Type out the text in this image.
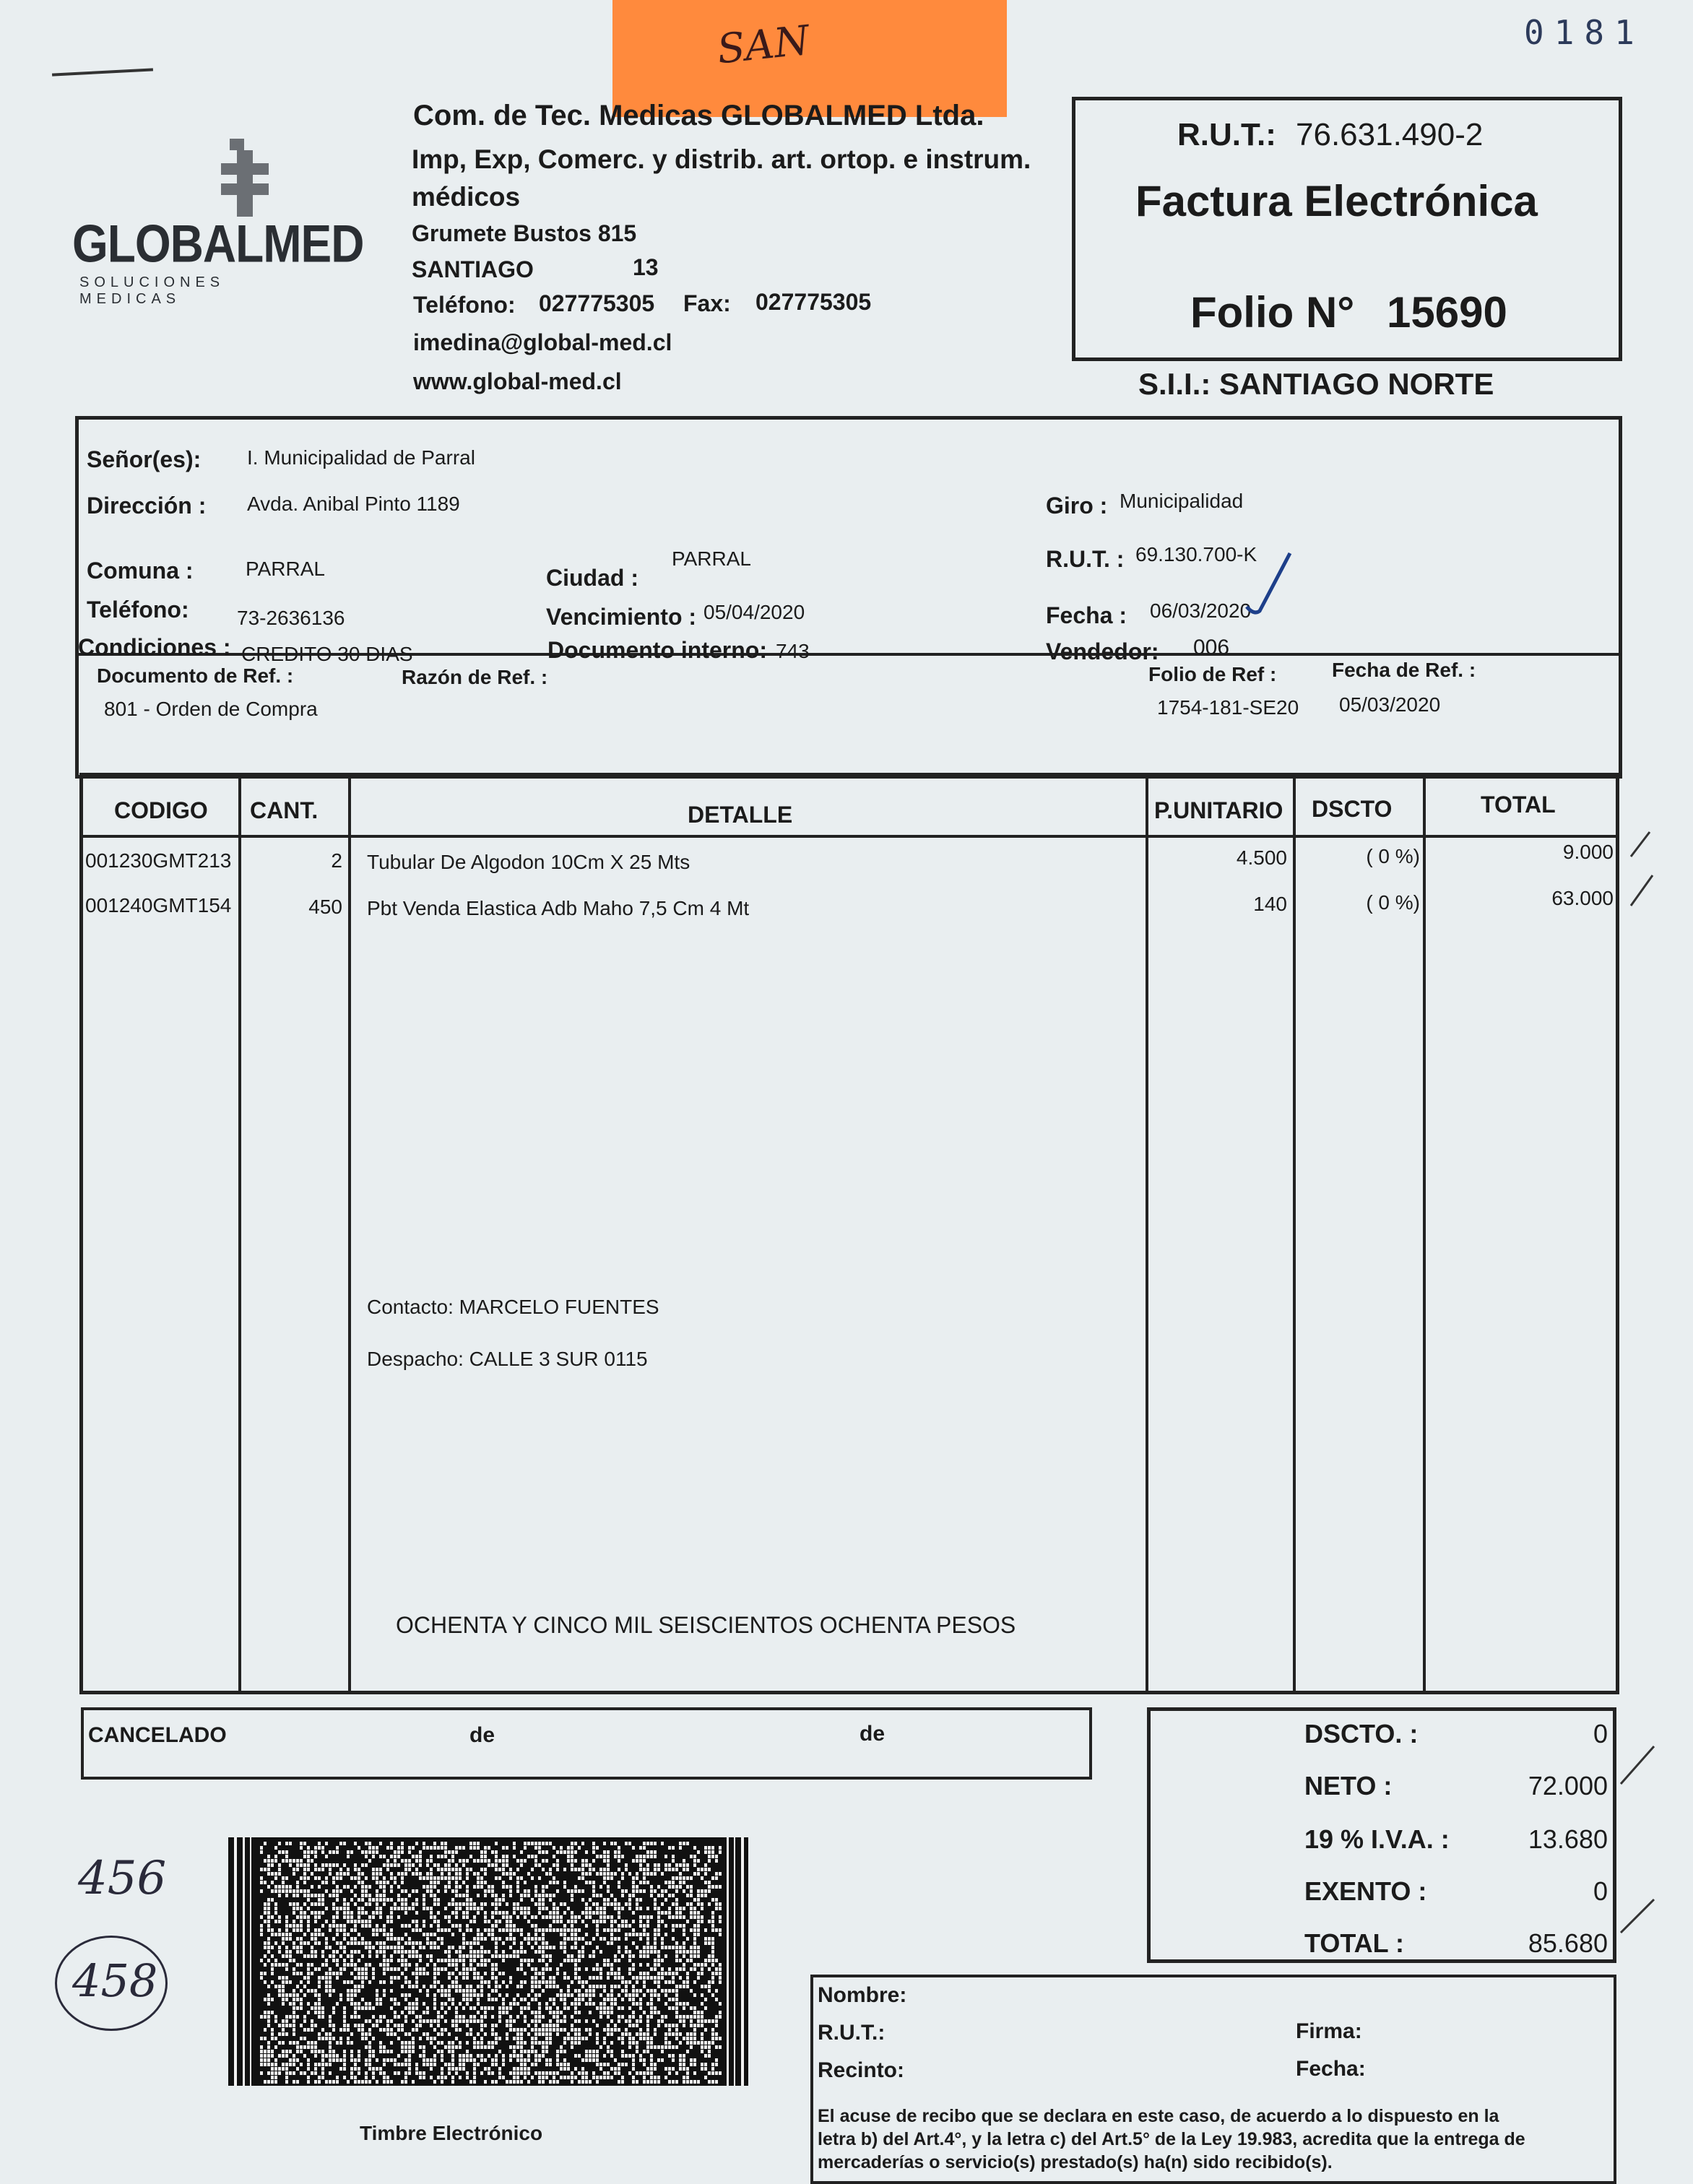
SAN	0181
GLOBALMED
SOLUCIONES MEDICAS
Com. de Tec. Medicas GLOBALMED Ltda.
Imp, Exp, Comerc. y distrib. art. ortop. e instrum.
médicos
Grumete Bustos 815
SANTIAGO	13
Teléfono: 027775305 Fax: 027775305
imedina@global-med.cl
www.global-med.cl
R.U.T.: 76.631.490-2
Factura Electrónica
Folio N° 15690
S.I.I.: SANTIAGO NORTE
Señor(es): I. Municipalidad de Parral
Dirección : Avda. Anibal Pinto 1189	Giro : Municipalidad
Comuna :	PARRAL	Ciudad :
PARRAL	R.U.T. : 69.130.700-K
Teléfono: 73-2636136	Vencimiento : 05/04/2020	Fecha : 06/03/2020
Condiciones : CREDITO 30 DIAS	Documento interno: 743	Vendedor: 006
Documento de Ref. :
801 - Orden de Compra
Razón de Ref. :	Folio de Ref :
1754-181-SE20
Fecha de Ref. :
05/03/2020
CODIGO CANT.	DETALLE	P.UNITARIO DSCTO	TOTAL
001230GMT213	2 Tubular De Algodon 10Cm X 25 Mts	4.500	( 0 %)	9.000
001240GMT154	450 Pbt Venda Elastica Adb Maho 7,5 Cm 4 Mt	140	( 0 %)	63.000
Contacto: MARCELO FUENTES
Despacho: CALLE 3 SUR 0115
OCHENTA Y CINCO MIL SEISCIENTOS OCHENTA PESOS
CANCELADO	de	de	DSCTO. :	0
NETO :	72.000
19 % I.V.A. :	13.680
EXENTO :	0
TOTAL :	85.680
456
458
Timbre Electrónico
Nombre:
R.U.T.:
Recinto:
Firma:
Fecha:
El acuse de recibo que se declara en este caso, de acuerdo a lo dispuesto en la
letra b) del Art.4°, y la letra c) del Art.5° de la Ley 19.983, acredita que la entrega de
mercaderías o servicio(s) prestado(s) ha(n) sido recibido(s).
